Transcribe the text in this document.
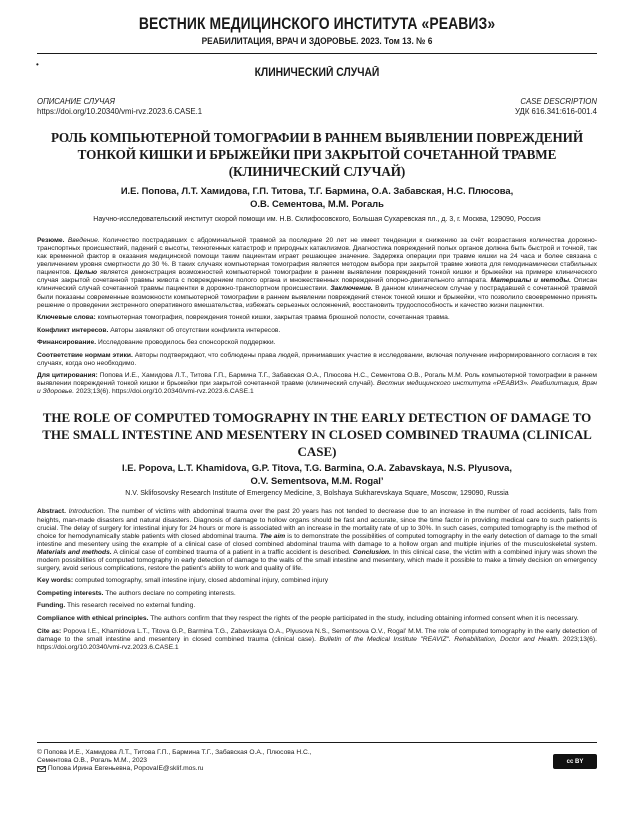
•
ВЕСТНИК МЕДИЦИНСКОГО ИНСТИТУТА «РЕАВИЗ»
РЕАБИЛИТАЦИЯ, ВРАЧ И ЗДОРОВЬЕ. 2023. Том 13. № 6
КЛИНИЧЕСКИЙ СЛУЧАЙ
ОПИСАНИЕ СЛУЧАЯ
https://doi.org/10.20340/vmi-rvz.2023.6.CASE.1
CASE DESCRIPTION
УДК 616.341:616-001.4
РОЛЬ КОМПЬЮТЕРНОЙ ТОМОГРАФИИ В РАННЕМ ВЫЯВЛЕНИИ ПОВРЕЖДЕНИЙ ТОНКОЙ КИШКИ И БРЫЖЕЙКИ ПРИ ЗАКРЫТОЙ СОЧЕТАННОЙ ТРАВМЕ (КЛИНИЧЕСКИЙ СЛУЧАЙ)
И.Е. Попова, Л.Т. Хамидова, Г.П. Титова, Т.Г. Бармина, О.А. Забавская, Н.С. Плюсова,
О.В. Сементова, М.М. Рогаль
Научно-исследовательский институт скорой помощи им. Н.В. Склифосовского, Большая Сухаревская пл., д. 3, г. Москва, 129090, Россия
Резюме. Введение. Количество пострадавших с абдоминальной травмой за последние 20 лет не имеет тенденции к снижению за счёт возрастания количества дорожно-транспортных происшествий, падений с высоты, техногенных катастроф и природных катаклизмов. Диагностика повреждений полых органов должна быть быстрой и точной, так как временной фактор в оказания медицинской помощи таким пациентам играет решающее значение. Задержка операции при травме кишки на 24 часа и более связана с увеличением уровня смертности до 30 %. В таких случаях компьютерная томография является методом выбора при закрытой травме живота для гемодинамически стабильных пациентов. Целью является демонстрация возможностей компьютерной томографии в раннем выявлении повреждений тонкой кишки и брыжейки на примере клинического случая закрытой сочетанной травмы живота с повреждением полого органа и множественных повреждений опорно-двигательного аппарата. Материалы и методы. Описан клинический случай сочетанной травмы пациентки в дорожно-транспортном происшествии. Заключение. В данном клиническом случае у пострадавшей с сочетанной травмой были показаны современные возможности компьютерной томографии в раннем выявлении повреждений стенок тонкой кишки и брыжейки, что позволило своевременно принять решение о проведении экстренного оперативного вмешательства, избежать серьезных осложнений, восстановить трудоспособность и качество жизни пациентки.
Ключевые слова: компьютерная томография, повреждения тонкой кишки, закрытая травма брюшной полости, сочетанная травма.
Конфликт интересов. Авторы заявляют об отсутствии конфликта интересов.
Финансирование. Исследование проводилось без спонсорской поддержки.
Соответствие нормам этики. Авторы подтверждают, что соблюдены права людей, принимавших участие в исследовании, включая получение информированного согласия в тех случаях, когда оно необходимо.
Для цитирования: Попова И.Е., Хамидова Л.Т., Титова Г.П., Бармина Т.Г., Забавская О.А., Плюсова Н.С., Сементова О.В., Рогаль М.М. Роль компьютерной томографии в раннем выявлении повреждений тонкой кишки и брыжейки при закрытой сочетанной травме (клинический случай). Вестник медицинского института «РЕАВИЗ». Реабилитация, Врач и Здоровье. 2023;13(6). https://doi.org/10.20340/vmi-rvz.2023.6.CASE.1
THE ROLE OF COMPUTED TOMOGRAPHY IN THE EARLY DETECTION OF DAMAGE TO THE SMALL INTESTINE AND MESENTERY IN CLOSED COMBINED TRAUMA (CLINICAL CASE)
I.E. Popova, L.T. Khamidova, G.P. Titova, T.G. Barmina, O.A. Zabavskaya, N.S. Plyusova,
O.V. Sementsova, M.M. Rogal’
N.V. Sklifosovsky Research Institute of Emergency Medicine, 3, Bolshaya Sukharevskaya Square, Moscow, 129090, Russia
Abstract. Introduction. The number of victims with abdominal trauma over the past 20 years has not tended to decrease due to an increase in the number of road accidents, falls from heights, man-made disasters and natural disasters. Diagnosis of damage to hollow organs should be fast and accurate, since the time factor in providing medical care to such patients is crucial. The delay of surgery for intestinal injury for 24 hours or more is associated with an increase in the mortality rate of up to 30%. In such cases, computed tomography is the method of choice for hemodynamically stable patients with closed abdominal trauma. The aim is to demonstrate the possibilities of computed tomography in the early detection of damage to the small intestine and mesentery using the example of a clinical case of closed combined abdominal trauma with damage to a hollow organ and multiple injuries of the musculoskeletal system. Materials and methods. A clinical case of combined trauma of a patient in a traffic accident is described. Conclusion. In this clinical case, the victim with a combined injury was shown the modern possibilities of computed tomography in early detection of damage to the walls of the small intestine and mesentery, which made it possible to make a timely decision on emergency surgery, avoid serious complications, restore the patient's ability to work and quality of life.
Key words: computed tomography, small intestine injury, closed abdominal injury, combined injury
Competing interests. The authors declare no competing interests.
Funding. This research received no external funding.
Compliance with ethical principles. The authors confirm that they respect the rights of the people participated in the study, including obtaining informed consent when it is necessary.
Cite as: Popova I.E., Khamidova L.T., Titova G.P., Barmina T.G., Zabavskaya O.A., Plyusova N.S., Sementsova O.V., Rogal’ M.M. The role of computed tomography in the early detection of damage to the small intestine and mesentery in closed combined trauma (clinical case). Bulletin of the Medical Institute "REAVIZ". Rehabilitation, Doctor and Health. 2023;13(6). https://doi.org/10.20340/vmi-rvz.2023.6.CASE.1
© Попова И.Е., Хамидова Л.Т., Титова Г.П., Бармина Т.Г., Забавская О.А., Плюсова Н.С.,
Сементова О.В., Рогаль М.М., 2023
Попова Ирина Евгеньевна, PopovaIE@sklif.mos.ru
cc BY
